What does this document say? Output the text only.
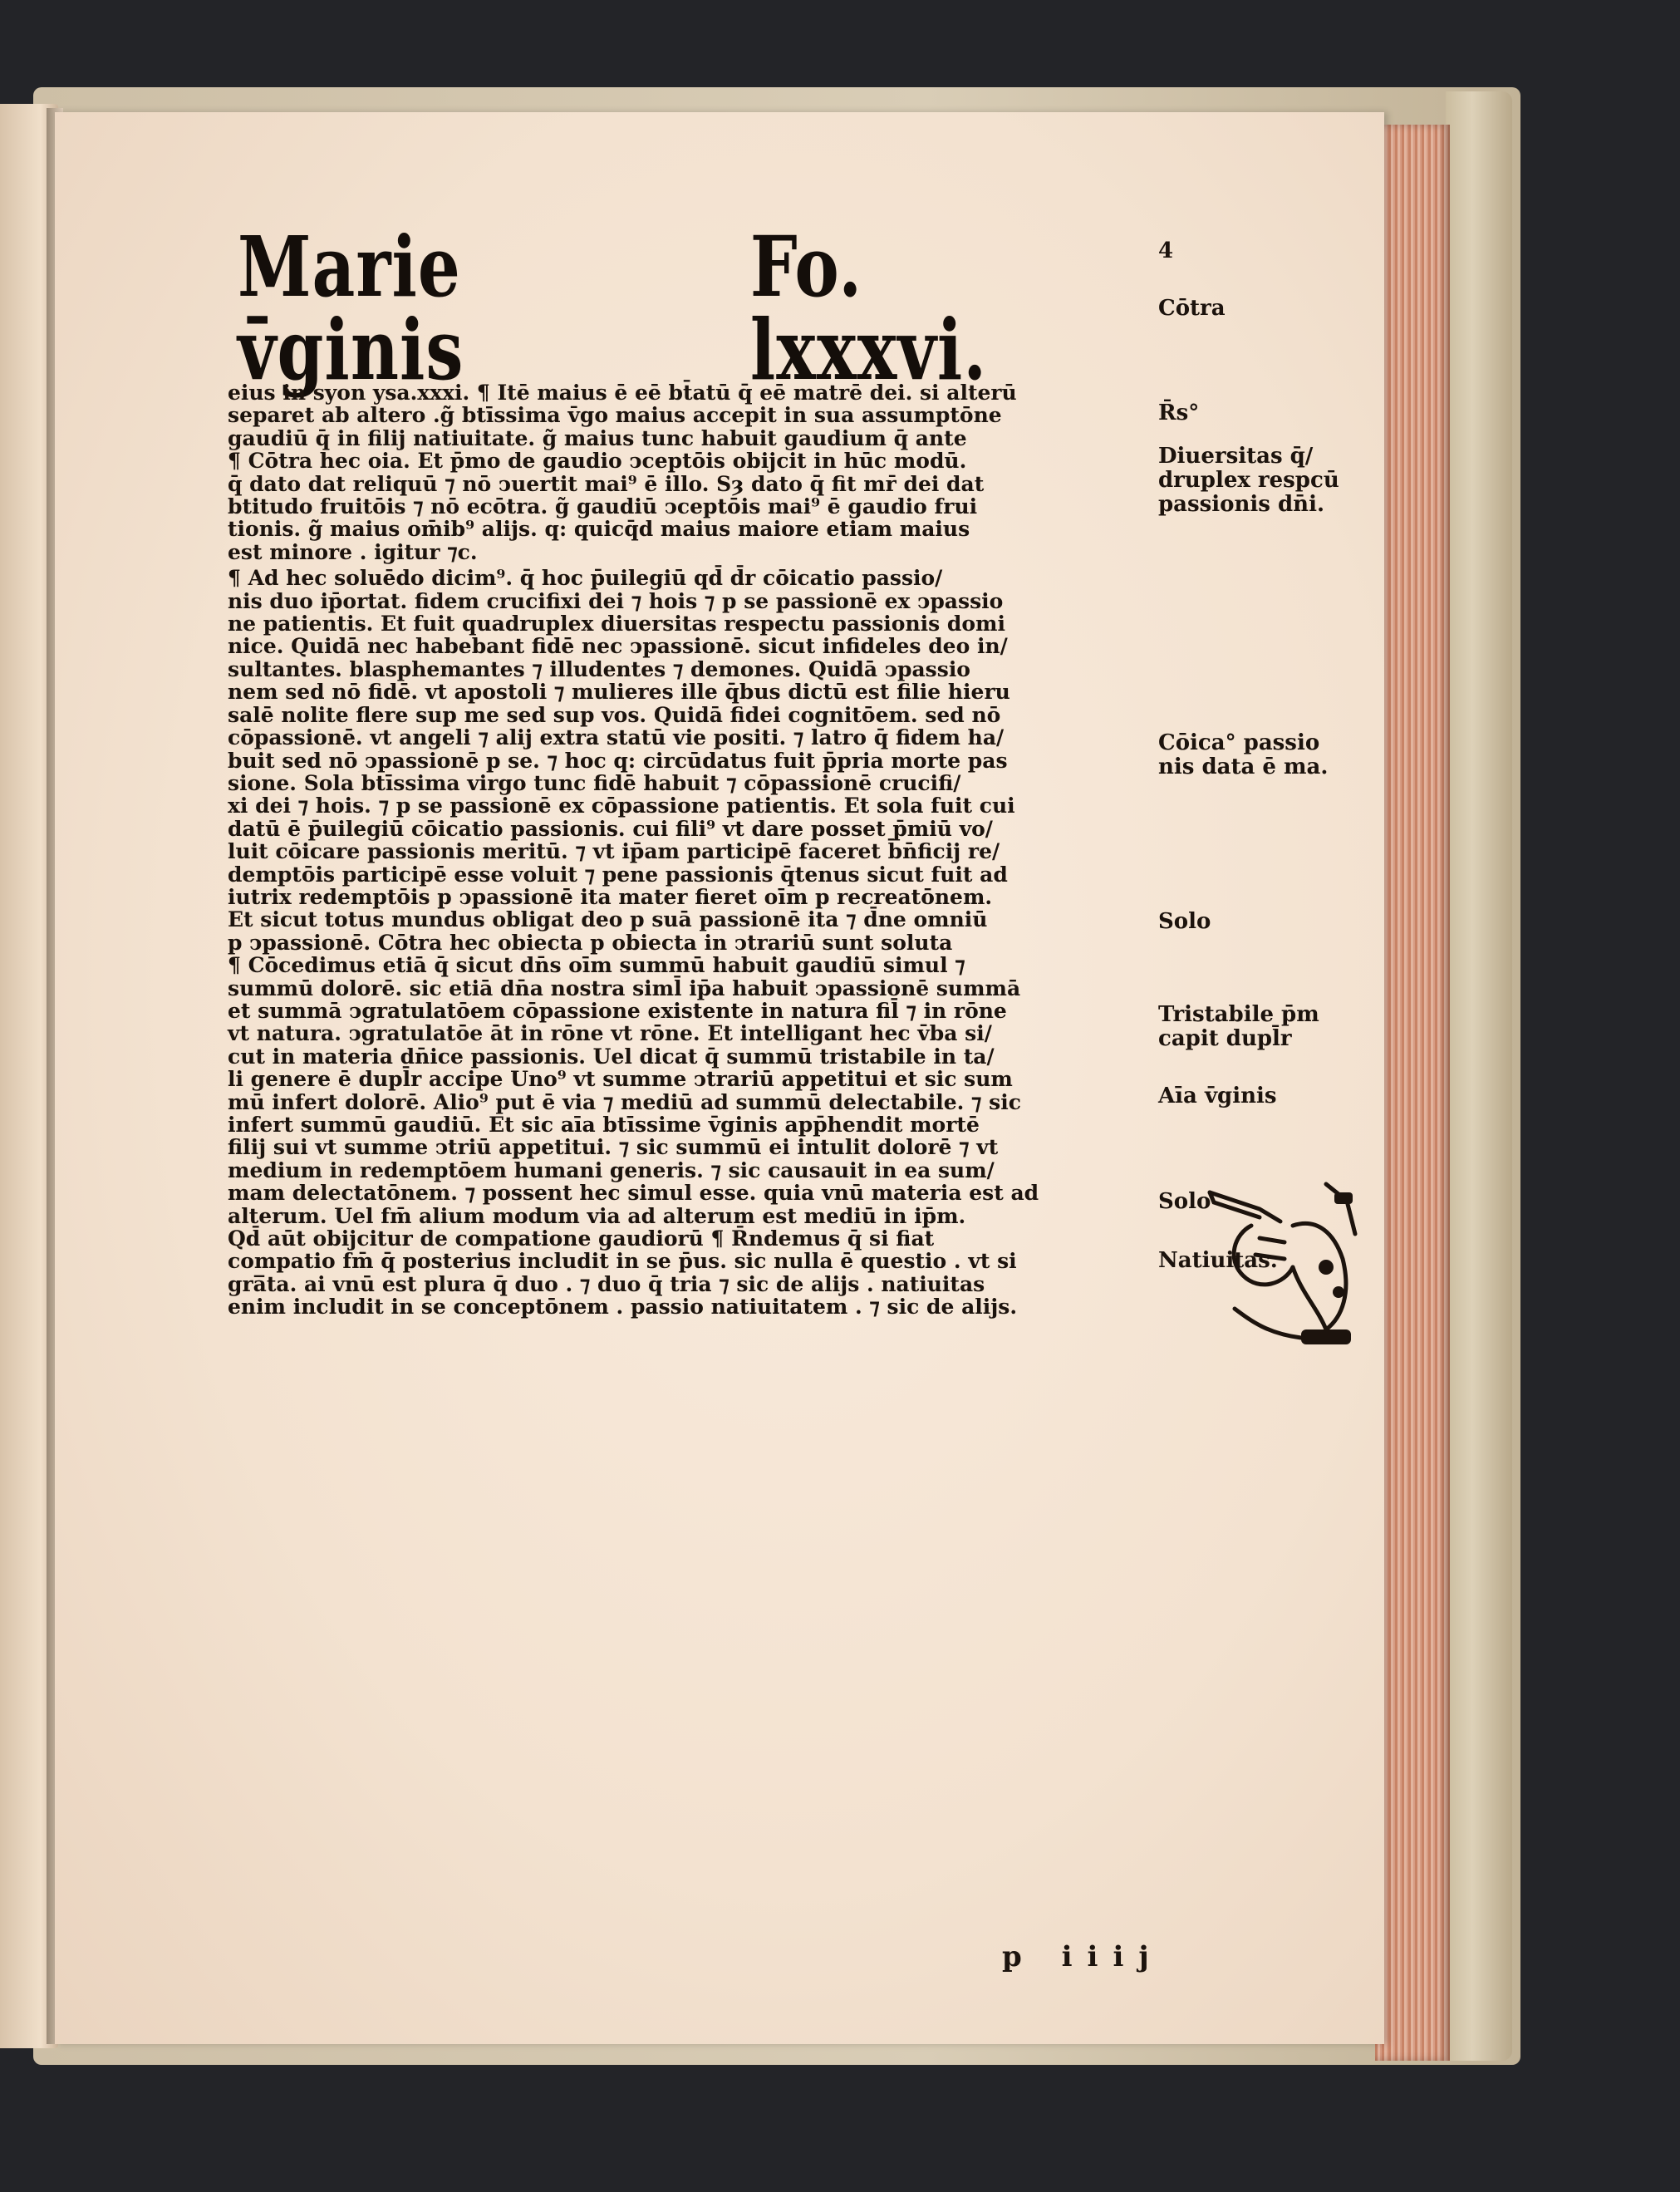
Marie v̄ginis
Fo. lxxxvi.
eius in syon ysa.xxxi. ¶ Itē maius ē eē bt̄atū q̄ eē matrē dei. si alterū
separet ab altero .g̃ btīssima v̄go maius accepit in sua assumptōne
gaudiū q̄ in filij natiuitate. g̃ maius tunc habuit gaudium q̄ ante
¶ Cōtra hec oia. Et p̄mo de gaudio ↄceptōis obijcit in hūc modū.
q̄ dato dat reliquū ⁊ nō ↄuertit mai⁹ ē illo. Sȝ dato q̄ fit mr̄ dei dat
btitudo fruitōis ⁊ nō ecōtra. g̃ gaudiū ↄceptōis mai⁹ ē gaudio frui
tionis. g̃ maius om̄ib⁹ alijs. q: quicq̄d maius maiore etiam maius
est minore . igitur ⁊c.
¶ Ad hec soluēdo dicim⁹. q̄ hoc p̄uilegiū qd̄ d̄r cōicatio passio/
nis duo ip̄ortat. fidem crucifixi dei ⁊ hois ⁊ p se passionē ex ↄpassio
ne patientis. Et fuit quadruplex diuersitas respectu passionis domi
nice. Quidā nec habebant fidē nec ↄpassionē. sicut infideles deo in/
sultantes. blasphemantes ⁊ illudentes ⁊ demones. Quidā ↄpassio
nem sed nō fidē. vt apostoli ⁊ mulieres ille q̄bus dictū est filie hieru
salē nolite flere sup me sed sup vos. Quidā fidei cognitōem. sed nō
cōpassionē. vt angeli ⁊ alij extra statū vie positi. ⁊ latro q̄ fidem ha/
buit sed nō ↄpassionē p se. ⁊ hoc q: circūdatus fuit p̄pria morte pas
sione. Sola btīssima virgo tunc fidē habuit ⁊ cōpassionē crucifi/
xi dei ⁊ hois. ⁊ p se passionē ex cōpassione patientis. Et sola fuit cui
datū ē p̄uilegiū cōicatio passionis. cui fili⁹ vt dare posset p̄miū vo/
luit cōicare passionis meritū. ⁊ vt ip̄am participē faceret b̄n̄ficij re/
demptōis participē esse voluit ⁊ pene passionis q̄tenus sicut fuit ad
iutrix redemptōis p ↄpassionē ita mater fieret oīm p recreatōnem.
Et sicut totus mundus obligat deo p suā passionē ita ⁊ d̄ne omniū
p ↄpassionē. Cōtra hec obiecta p obiecta in ↄtrariū sunt soluta
¶ Cōcedimus etiā q̄ sicut dn̄s oīm summū habuit gaudiū simul ⁊
summū dolorē. sic etiā dn̄a nostra siml̄ ip̄a habuit ↄpassionē summā
et summā ↄgratulatōem cōpassione existente in natura fil̄ ⁊ in rōne
vt natura. ↄgratulatōe āt in rōne vt rōne. Et intelligant hec v̄ba si/
cut in materia dn̄ice passionis. Uel dicat q̄ summū tristabile in ta/
li genere ē dupl̄r accipe Uno⁹ vt summe ↄtrariū appetitui et sic sum
mū infert dolorē. Alio⁹ put ē via ⁊ mediū ad summū delectabile. ⁊ sic
infert summū gaudiū. Et sic aīa btīssime v̄ginis app̄hendit mortē
filij sui vt summe ↄtriū appetitui. ⁊ sic summū ei intulit dolorē ⁊ vt
medium in redemptōem humani generis. ⁊ sic causauit in ea sum/
mam delectatōnem. ⁊ possent hec simul esse. quia vnū materia est ad
alterum. Uel fm̄ alium modum via ad alterum est mediū in ip̄m.
Qd̄ aūt obijcitur de compatione gaudiorū ¶ R̄ndemus q̄ si fiat
compatio fm̄ q̄ posterius includit in se p̄us. sic nulla ē questio . vt si
gra̅ta. ai vnū est plura q̄ duo . ⁊ duo q̄ tria ⁊ sic de alijs . natiuitas
enim includit in se conceptōnem . passio natiuitatem . ⁊ sic de alijs.
4
Cōtra
R̄s°
Diuersitas q̄/
druplex respcū
passionis dn̄i.
Cōica° passio
nis data ē ma.
Solo
Tristabile p̄m
capit dupl̄r
Aīa v̄ginis
Solo
Natiuitas.
p iiij
